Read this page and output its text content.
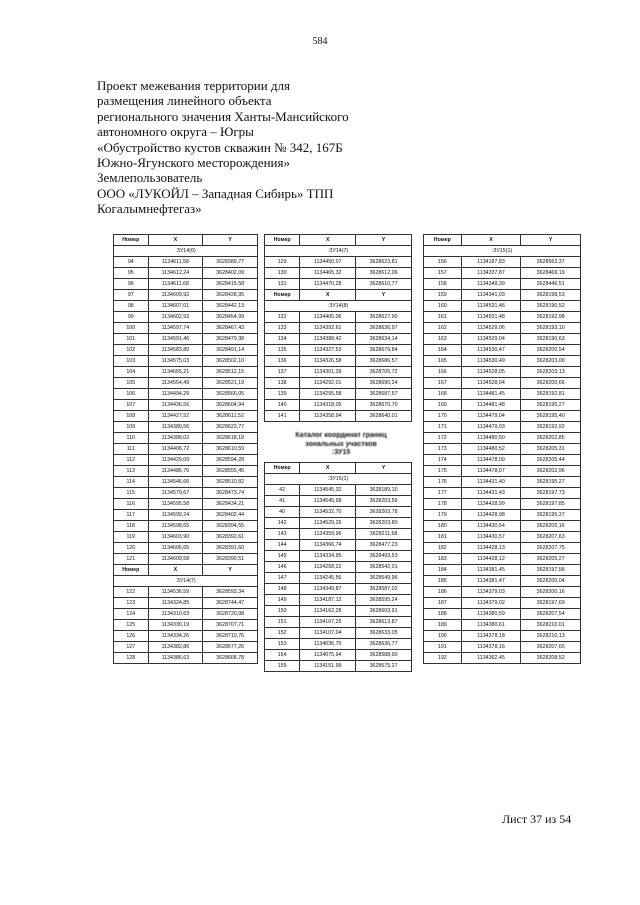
584
Проект межевания территории для
размещения линейного объекта
регионального значения Ханты-Мансийского
автономного округа – Югры
«Обустройство кустов скважин № 342, 167Б
Южно-Ягунского месторождения»
Землепользователь
ООО «ЛУКОЙЛ – Западная Сибирь» ТПП
Когалымнефтегаз»
Номер	X	Y
:ЗУ14(6)		
94	1134611,58	3628389,77
95	1134612,24	3628402,09
96	1134611,68	3628415,58
97	1134609,92	3628428,95
98	1134607,01	3628442,13
99	1134602,92	3628454,99
100	1134597,74	3628467,43
101	1134591,46	3628479,38
102	1134583,80	3628491,14
103	1134575,03	3628502,10
104	1134665,21	3628512,15
105	1134554,49	3628521,19
106	1134494,29	3628566,05
107	1134436,56	3628604,94
108	1134427,52	3628611,52
109	1134380,56	3628623,77
110	1134388,02	3628618,18
111	1134406,72	3628610,59
112	1134429,09	3628594,28
113	1134486,76	3628555,45
114	1134546,66	3628510,82
115	1134579,67	3628473,74
116	1134595,58	3628434,21
117	1134599,24	3628402,44
118	1134598,65	3628394,55
119	1134603,90	3628392,61
120	1134606,65	3628391,60
121	1134609,58	3628390,51
Номер	X	Y
:ЗУ14(7)		
122	1134536,59	3628593,34
123	1134324,85	3628744,47
124	1134310,63	3628720,98
125	1134330,19	3628707,71
126	1134334,26	3628710,76
127	1134382,86	3628677,26
128	1134386,63	3628668,78
Номер	X	Y
:ЗУ14(7)		
129	1134450,07	3628623,81
130	1134465,32	3628612,06
131	1134470,28	3628610,77
Номер	X	Y
:ЗУ14(8)		
132	1134405,06	3628627,90
133	1134392,61	3628636,97
134	1134388,42	3628634,14
135	1134327,53	3628679,84
136	1134326,58	3628686,57
137	1134301,39	3628705,72
138	1134292,01	3628690,24
139	1134295,58	3628687,57
140	1134318,05	3628670,70
141	1134358,94	3628640,01

Номер	X	Y
:ЗУ15(1)		
42	1134545,32	3628189,10
41	1134545,98	3628203,56
40	1134532,70	3628203,78
142	1134529,26	3628203,80
143	1134359,96	3628211,68
144	1134366,74	3628477,23
145	1134334,95	3628493,53
146	1134258,22	3628542,01
147	1134245,56	3628549,96
148	1134349,87	3628587,02
149	1134187,12	3628595,24
150	1134162,28	3628603,91
151	1134107,25	3628613,87
152	1134107,04	3628633,05
153	1134036,70	3628636,77
154	1134075,94	3628588,90
155	1134151,99	3628575,27
Номер	X	Y
:ЗУ15(1)		
156	1134187,83	3628563,37
157	1134337,87	3628469,19
158	1134349,39	3628446,51
159	1134341,03	3628198,53
160	1134531,46	3628190,52
161	1134531,48	3628192,98
162	1134529,06	3628193,10
163	1134529,04	3628190,63
164	1134530,47	3628200,54
165	1134530,49	3628203,00
166	1134528,05	3628203,13
167	1134528,04	3628200,66
168	1134481,45	3628192,81
169	1134481,48	3628195,27
170	1134479,04	3628195,40
171	1134479,03	3628192,92
172	1134480,50	3628202,85
173	1134480,52	3628205,31
174	1134478,09	3628205,44
175	1134478,07	3628202,96
176	1134431,40	3628195,27
177	1134431,43	3628197,73
178	1134428,99	3628197,85
179	1134428,98	3628195,37
180	1134430,54	3628205,16
181	1134430,57	3628207,63
182	1134428,13	3628207,75
183	1134428,12	3628205,27
184	1134381,45	3628197,58
185	1134381,47	3628200,04
186	1134379,03	3628200,16
187	1134379,02	3628197,69
188	1134380,59	3628207,54
189	1134380,61	3628210,01
190	1134378,18	3628210,13
191	1134378,16	3628207,65
192	1134362,45	3628208,52
Каталог координат границ
зональных участков
:ЗУ15
Лист 37 из 54
